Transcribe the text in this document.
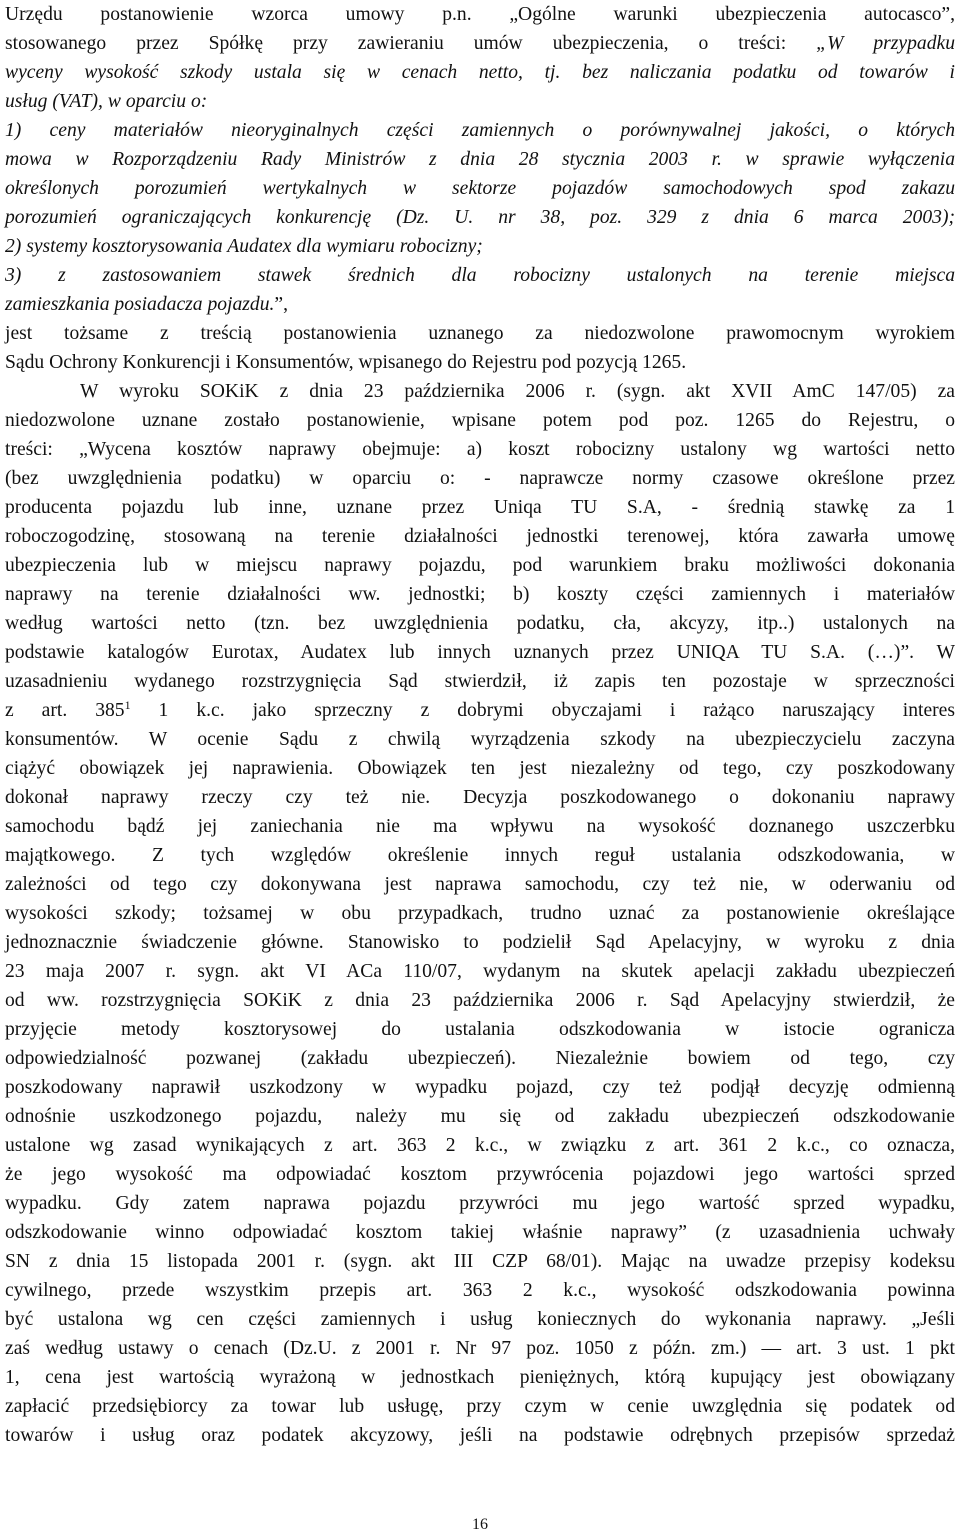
Urzędu postanowienie wzorca umowy p.n. „Ogólne warunki ubezpieczenia autocasco”,
stosowanego przez Spółkę przy zawieraniu umów ubezpieczenia, o treści: „W przypadku
wyceny wysokość szkody ustala się w cenach netto, tj. bez naliczania podatku od towarów i
usług (VAT), w oparciu o:
1) ceny materiałów nieoryginalnych części zamiennych o porównywalnej jakości, o których
mowa w Rozporządzeniu Rady Ministrów z dnia 28 stycznia 2003 r. w sprawie wyłączenia
określonych porozumień wertykalnych w sektorze pojazdów samochodowych spod zakazu
porozumień ograniczających konkurencję (Dz. U. nr 38, poz. 329 z dnia 6 marca 2003);
2) systemy kosztorysowania Audatex dla wymiaru robocizny;
3) z zastosowaniem stawek średnich dla robocizny ustalonych na terenie miejsca
zamieszkania posiadacza pojazdu.”,
jest tożsame z treścią postanowienia uznanego za niedozwolone prawomocnym wyrokiem
Sądu Ochrony Konkurencji i Konsumentów, wpisanego do Rejestru pod pozycją 1265.
W wyroku SOKiK z dnia 23 października 2006 r. (sygn. akt XVII AmC 147/05) za
niedozwolone uznane zostało postanowienie, wpisane potem pod poz. 1265 do Rejestru, o
treści: „Wycena kosztów naprawy obejmuje: a) koszt robocizny ustalony wg wartości netto
(bez uwzględnienia podatku) w oparciu o: - naprawcze normy czasowe określone przez
producenta pojazdu lub inne, uznane przez Uniqa TU S.A, - średnią stawkę za 1
roboczogodzinę, stosowaną na terenie działalności jednostki terenowej, która zawarła umowę
ubezpieczenia lub w miejscu naprawy pojazdu, pod warunkiem braku możliwości dokonania
naprawy na terenie działalności ww. jednostki; b) koszty części zamiennych i materiałów
według wartości netto (tzn. bez uwzględnienia podatku, cła, akcyzy, itp..) ustalonych na
podstawie katalogów Eurotax, Audatex lub innych uznanych przez UNIQA TU S.A. (…)”. W
uzasadnieniu wydanego rozstrzygnięcia Sąd stwierdził, iż zapis ten pozostaje w sprzeczności
z art. $385^1$ 1 k.c. jako sprzeczny z dobrymi obyczajami i rażąco naruszający interes
konsumentów. W ocenie Sądu z chwilą wyrządzenia szkody na ubezpieczycielu zaczyna
ciążyć obowiązek jej naprawienia. Obowiązek ten jest niezależny od tego, czy poszkodowany
dokonał naprawy rzeczy czy też nie. Decyzja poszkodowanego o dokonaniu naprawy
samochodu bądź jej zaniechania nie ma wpływu na wysokość doznanego uszczerbku
majątkowego. Z tych względów określenie innych reguł ustalania odszkodowania, w
zależności od tego czy dokonywana jest naprawa samochodu, czy też nie, w oderwaniu od
wysokości szkody; tożsamej w obu przypadkach, trudno uznać za postanowienie określające
jednoznacznie świadczenie główne. Stanowisko to podzielił Sąd Apelacyjny, w wyroku z dnia
23 maja 2007 r. sygn. akt VI ACa 110/07, wydanym na skutek apelacji zakładu ubezpieczeń
od ww. rozstrzygnięcia SOKiK z dnia 23 października 2006 r. Sąd Apelacyjny stwierdził, że
przyjęcie metody kosztorysowej do ustalania odszkodowania w istocie ogranicza
odpowiedzialność pozwanej (zakładu ubezpieczeń). Niezależnie bowiem od tego, czy
poszkodowany naprawił uszkodzony w wypadku pojazd, czy też podjął decyzję odmienną
odnośnie uszkodzonego pojazdu, należy mu się od zakładu ubezpieczeń odszkodowanie
ustalone wg zasad wynikających z art. 363 2 k.c., w związku z art. 361 2 k.c., co oznacza,
że jego wysokość ma odpowiadać kosztom przywrócenia pojazdowi jego wartości sprzed
wypadku. Gdy zatem naprawa pojazdu przywróci mu jego wartość sprzed wypadku,
odszkodowanie winno odpowiadać kosztom takiej właśnie naprawy” (z uzasadnienia uchwały
SN z dnia 15 listopada 2001 r. (sygn. akt III CZP 68/01). Mając na uwadze przepisy kodeksu
cywilnego, przede wszystkim przepis art. 363 2 k.c., wysokość odszkodowania powinna
być ustalona wg cen części zamiennych i usług koniecznych do wykonania naprawy. „Jeśli
zaś według ustawy o cenach (Dz.U. z 2001 r. Nr 97 poz. 1050 z późn. zm.) — art. 3 ust. 1 pkt
1, cena jest wartością wyrażoną w jednostkach pieniężnych, którą kupujący jest obowiązany
zapłacić przedsiębiorcy za towar lub usługę, przy czym w cenie uwzględnia się podatek od
towarów i usług oraz podatek akcyzowy, jeśli na podstawie odrębnych przepisów sprzedaż
16
